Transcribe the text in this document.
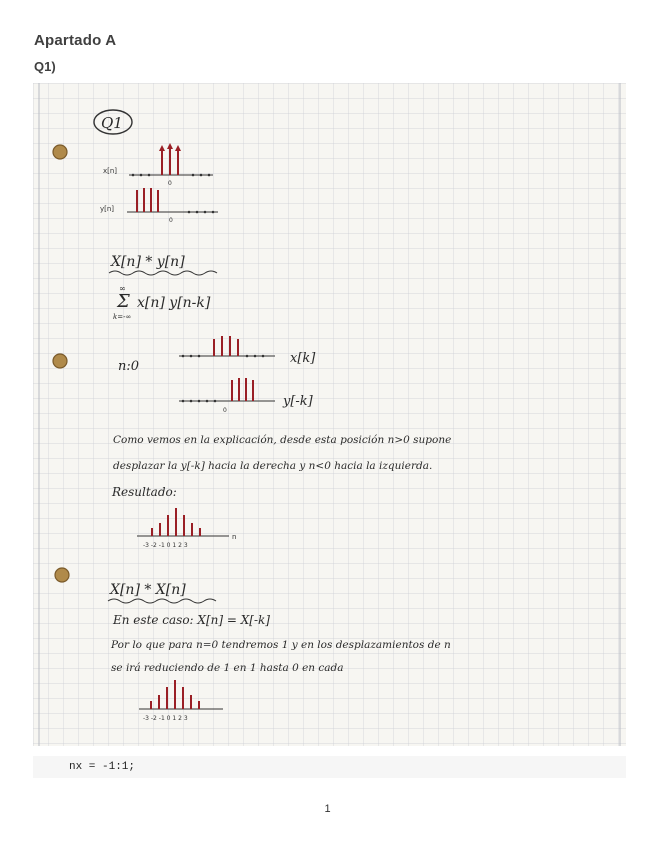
Apartado A
Q1)
Q1
x[n]
0
y[n]
0
X[n] * y[n]
∞
Σ
k=-∞
x[n] y[n-k]
n:0
x[k]
0
y[-k]
Como vemos en la explicación, desde esta posición n>0 supone
desplazar la y[-k] hacia la derecha y n<0 hacia la izquierda.
Resultado:
-3 -2 -1 0 1 2 3
n
X[n] * X[n]
En este caso: X[n] = X[-k]
Por lo que para n=0 tendremos 1 y en los desplazamientos de n
se irá reduciendo de 1 en 1 hasta 0 en cada
-3 -2 -1 0 1 2 3
nx = -1:1;
1
